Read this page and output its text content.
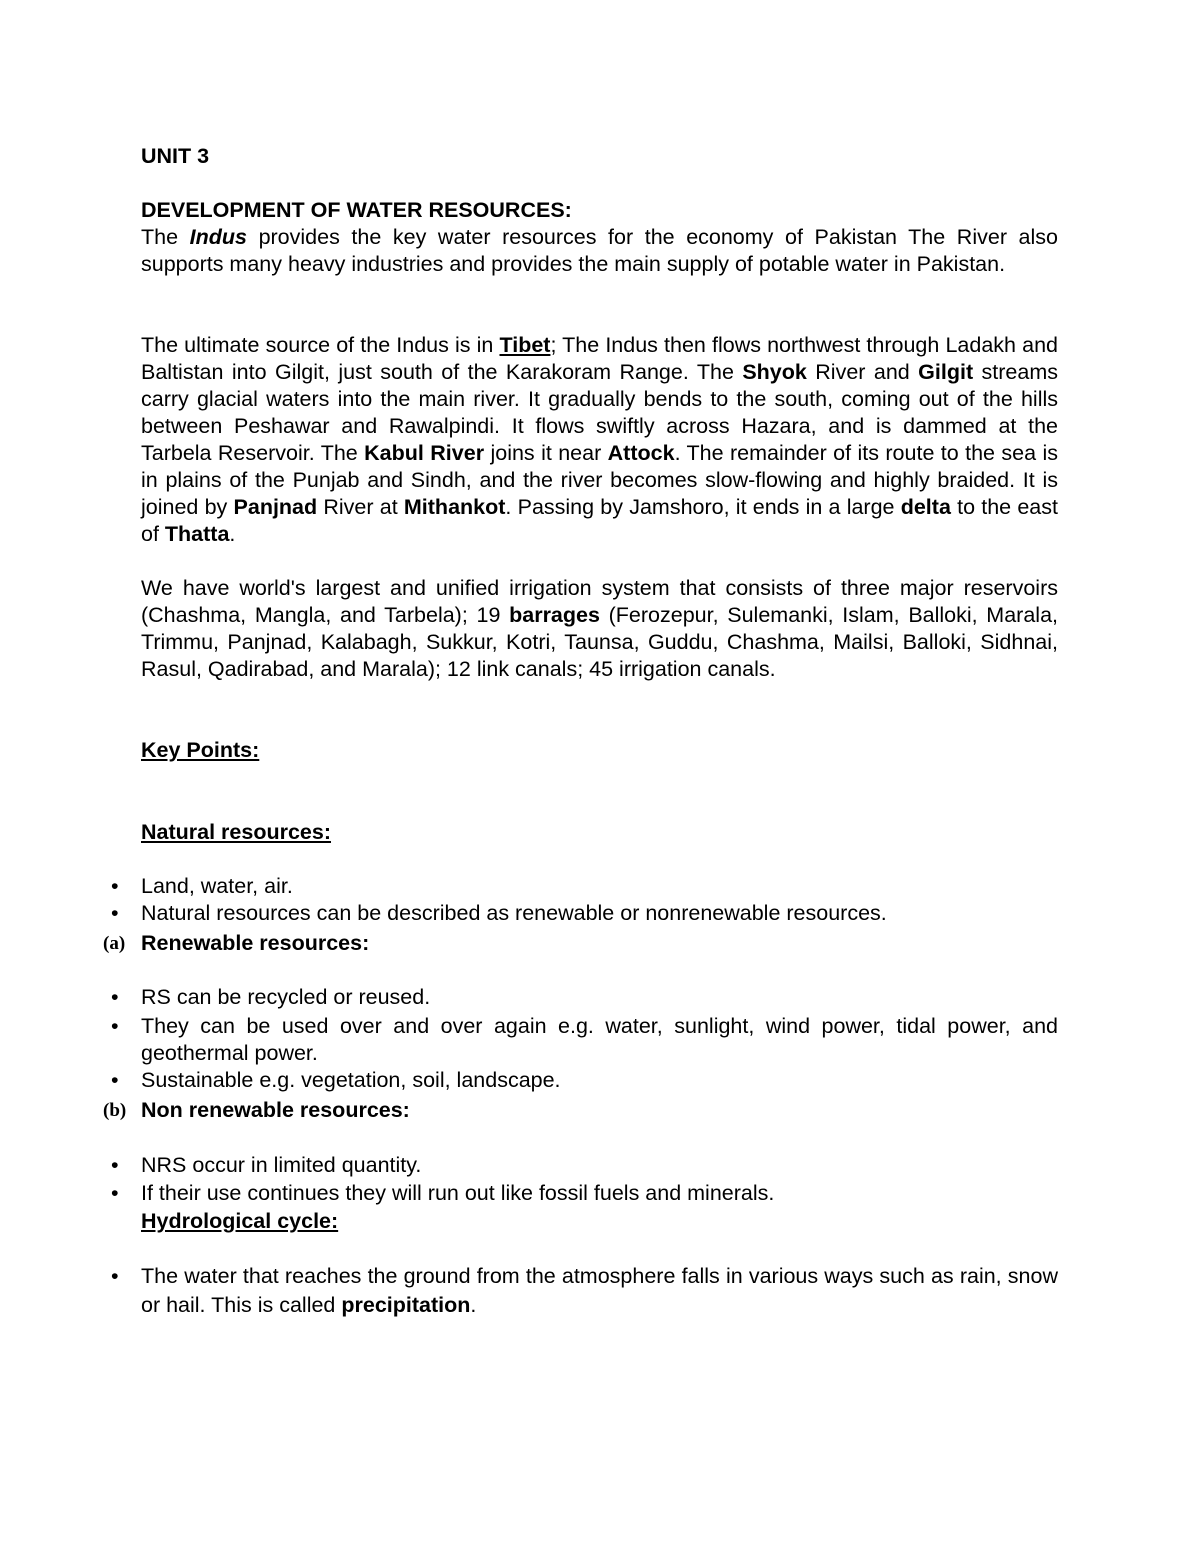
UNIT 3
DEVELOPMENT OF WATER RESOURCES:
The Indus provides the key water resources for the economy of Pakistan The River also supports many heavy industries and provides the main supply of potable water in Pakistan.
The ultimate source of the Indus is in Tibet; The Indus then flows northwest through Ladakh and Baltistan into Gilgit, just south of the Karakoram Range. The Shyok River and Gilgit streams carry glacial waters into the main river. It gradually bends to the south, coming out of the hills between Peshawar and Rawalpindi. It flows swiftly across Hazara, and is dammed at the Tarbela Reservoir. The Kabul River joins it near Attock. The remainder of its route to the sea is in plains of the Punjab and Sindh, and the river becomes slow-flowing and highly braided. It is joined by Panjnad River at Mithankot. Passing by Jamshoro, it ends in a large delta to the east of Thatta.
We have world's largest and unified irrigation system that consists of three major reservoirs (Chashma, Mangla, and Tarbela); 19 barrages (Ferozepur, Sulemanki, Islam, Balloki, Marala, Trimmu, Panjnad, Kalabagh, Sukkur, Kotri, Taunsa, Guddu, Chashma, Mailsi, Balloki, Sidhnai, Rasul, Qadirabad, and Marala); 12 link canals; 45 irrigation canals.
Key Points:
Natural resources:
• Land, water, air.
• Natural resources can be described as renewable or nonrenewable resources.
(a) Renewable resources:
• RS can be recycled or reused.
• They can be used over and over again e.g. water, sunlight, wind power, tidal power, and geothermal power.
• Sustainable e.g. vegetation, soil, landscape.
(b) Non renewable resources:
• NRS occur in limited quantity.
• If their use continues they will run out like fossil fuels and minerals.
Hydrological cycle:
• The water that reaches the ground from the atmosphere falls in various ways such as rain, snow or hail. This is called precipitation.
